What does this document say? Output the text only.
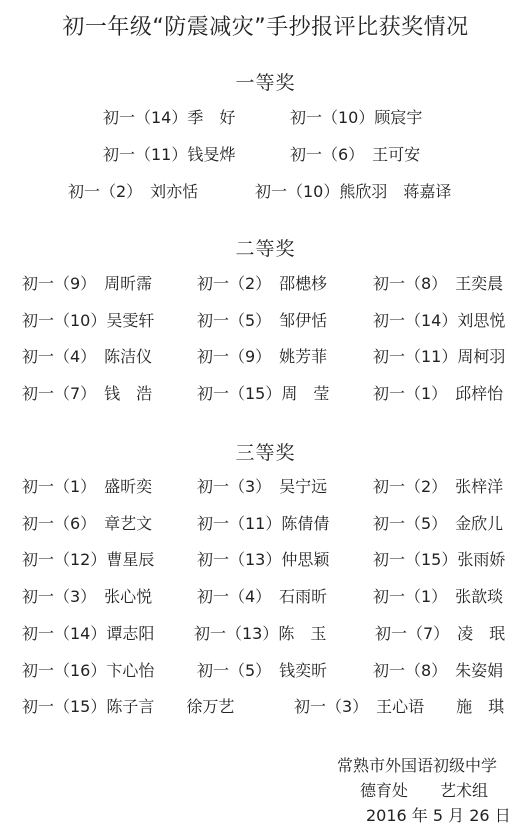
初一年级“防震减灾”手抄报评比获奖情况
一等奖
初一（14）季　好	初一（10）顾宸宇
初一（11）钱旻烨	初一（6）　王可安
初一（2）　刘亦恬	初一（10）熊欣羽　蒋嘉译
二等奖
初一（9）　周昕霈	初一（2）　邵槵栘	初一（8）　王奕晨
初一（10）吴雯轩	初一（5）　邹伊恬	初一（14）刘思悦
初一（4）　陈洁仪	初一（9）　姚芳菲	初一（11）周柯羽
初一（7）　钱　浩	初一（15）周　莹	初一（1）　邱梓怡
三等奖
初一（1）　盛昕奕	初一（3）　吴宁远	初一（2）　张梓洋
初一（6）　章艺文	初一（11）陈倩倩	初一（5）　金欣儿
初一（12）曹星辰	初一（13）仲思颖	初一（15）张雨娇
初一（3）　张心悦	初一（4）　石雨昕	初一（1）　张歆琰
初一（14）谭志阳 初一（13）陈　玉	初一（7）　凌　珉
初一（16）卞心怡	初一（5）　钱奕昕	初一（8）　朱姿娟
初一（15）陈子言　　徐万艺	初一（3）　王心语　　施　琪
常熟市外国语初级中学
德育处　　艺术组
2016 年 5 月 26 日
